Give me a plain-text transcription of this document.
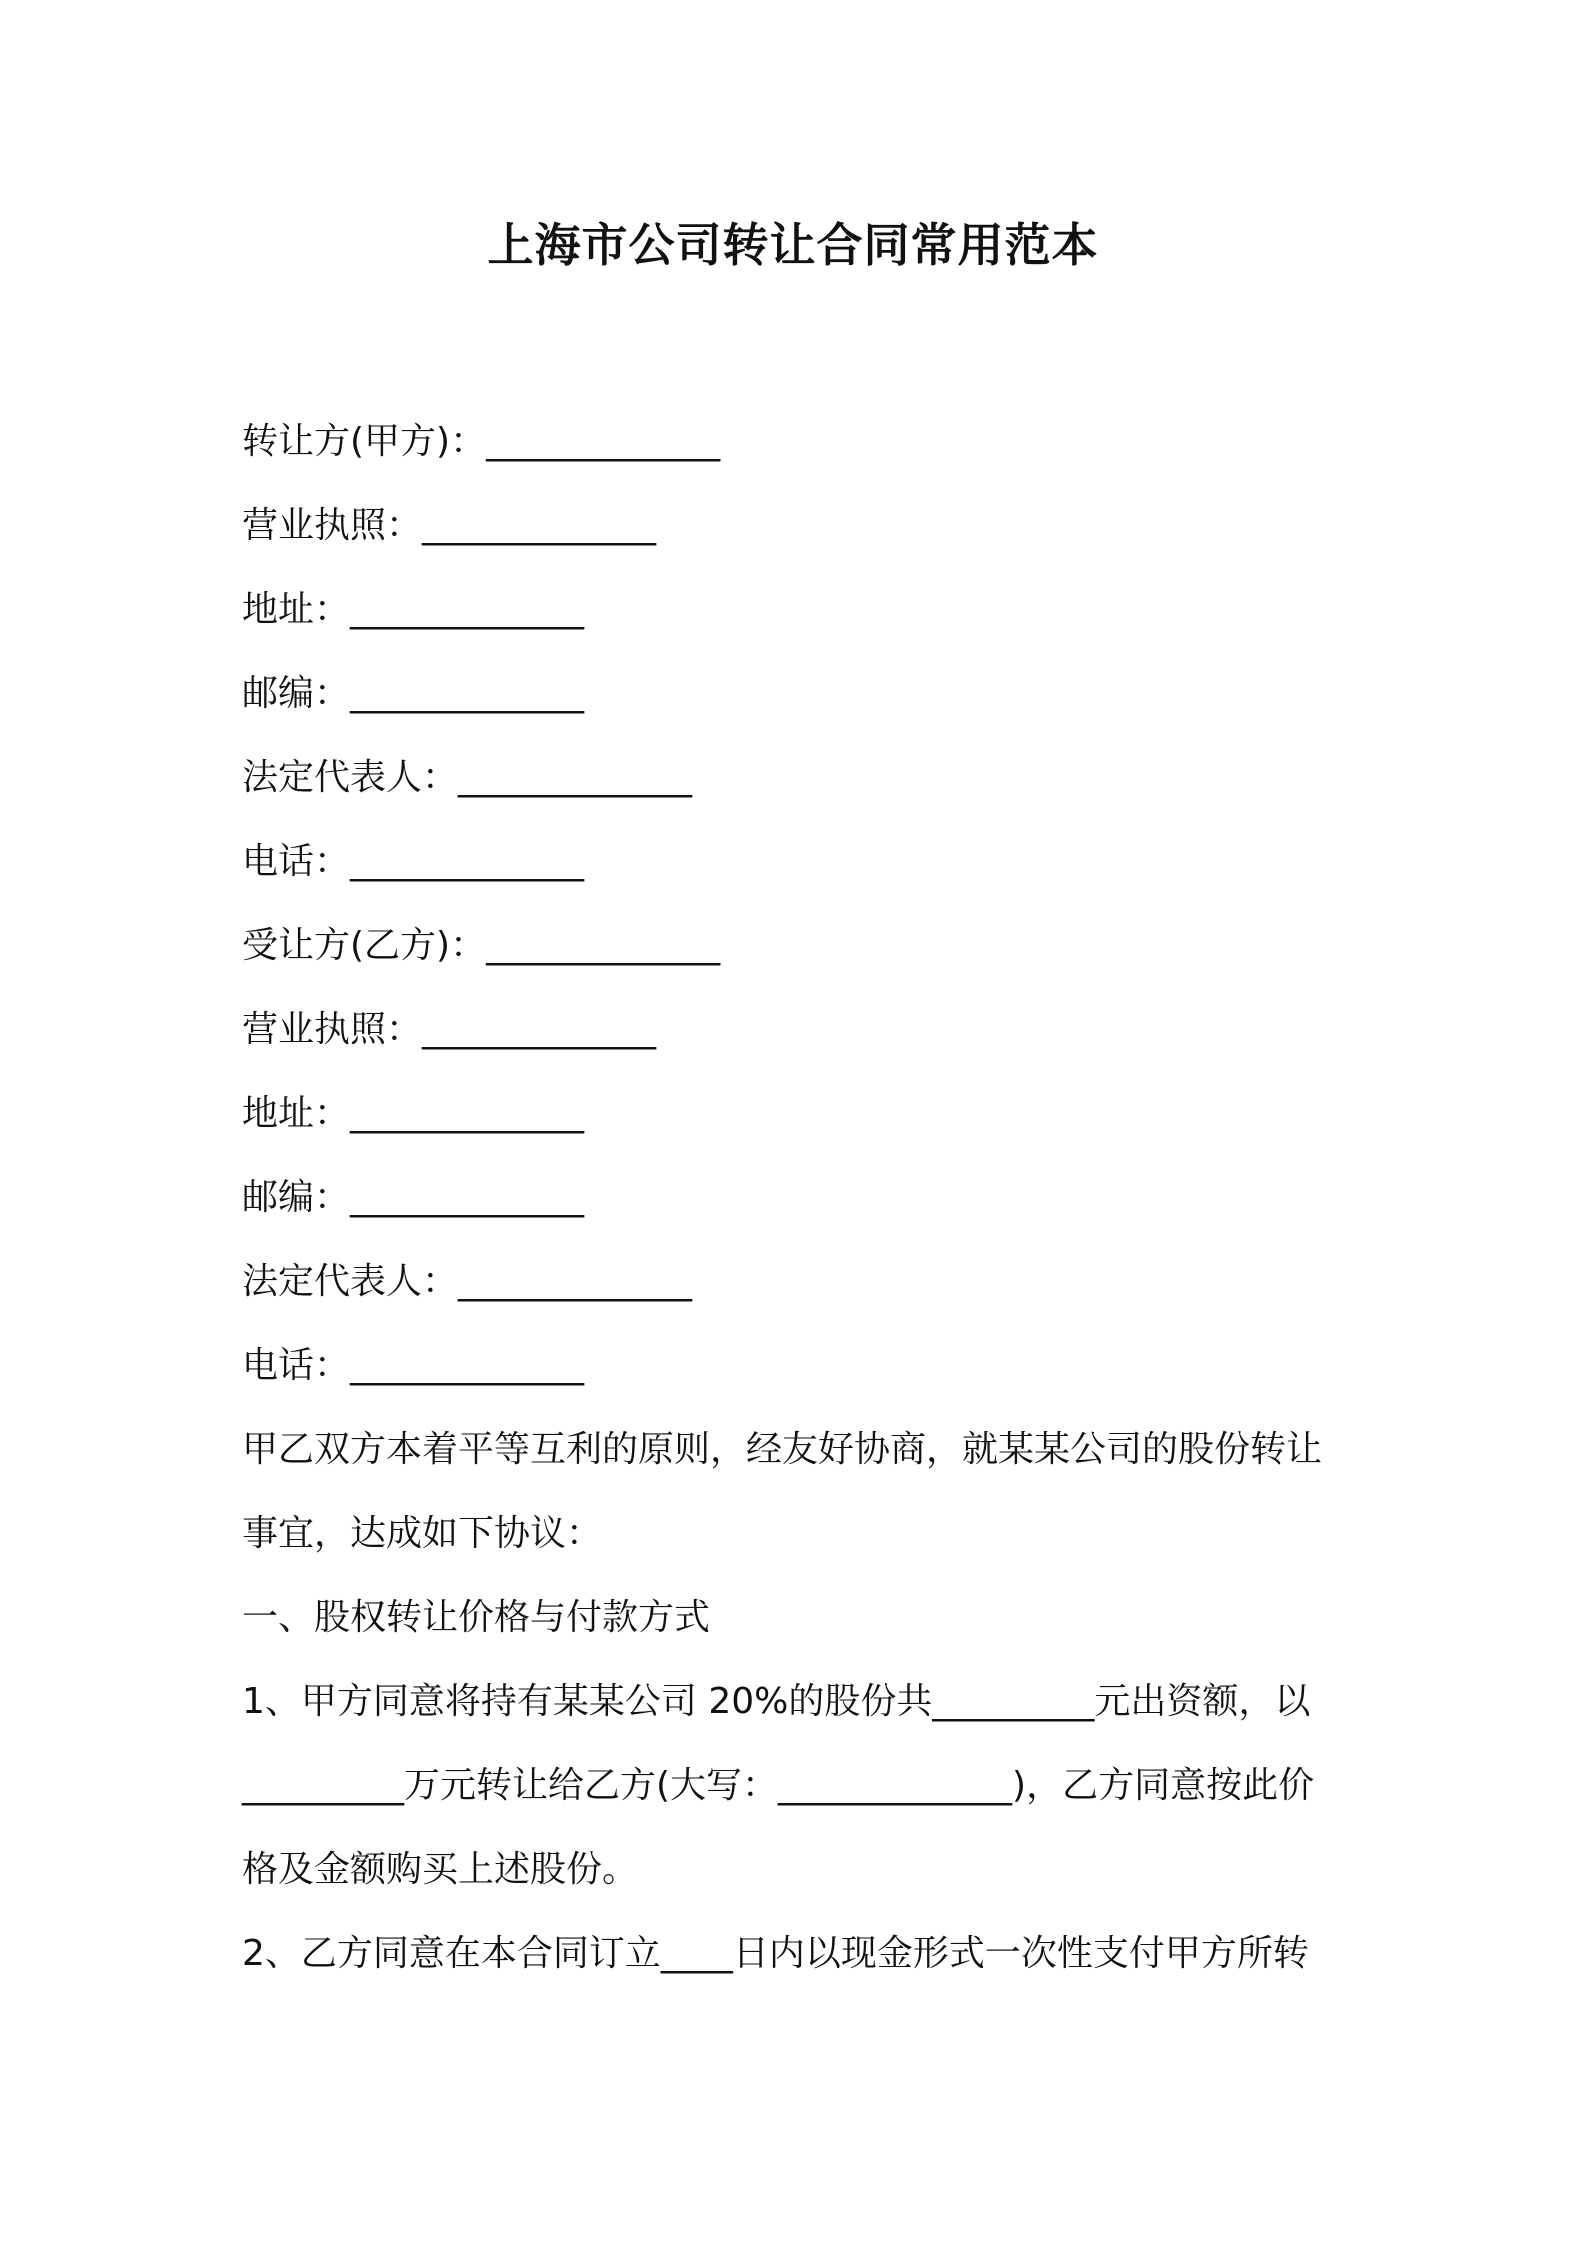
上海市公司转让合同常用范本
转让方(甲方)：_____________
营业执照：_____________
地址：_____________
邮编：_____________
法定代表人：_____________
电话：_____________
受让方(乙方)：_____________
营业执照：_____________
地址：_____________
邮编：_____________
法定代表人：_____________
电话：_____________
甲乙双方本着平等互利的原则，经友好协商，就某某公司的股份转让
事宜，达成如下协议：
一、股权转让价格与付款方式
1、甲方同意将持有某某公司 20%的股份共_________元出资额，以
_________万元转让给乙方(大写：_____________)，乙方同意按此价
格及金额购买上述股份。
2、乙方同意在本合同订立____日内以现金形式一次性支付甲方所转
